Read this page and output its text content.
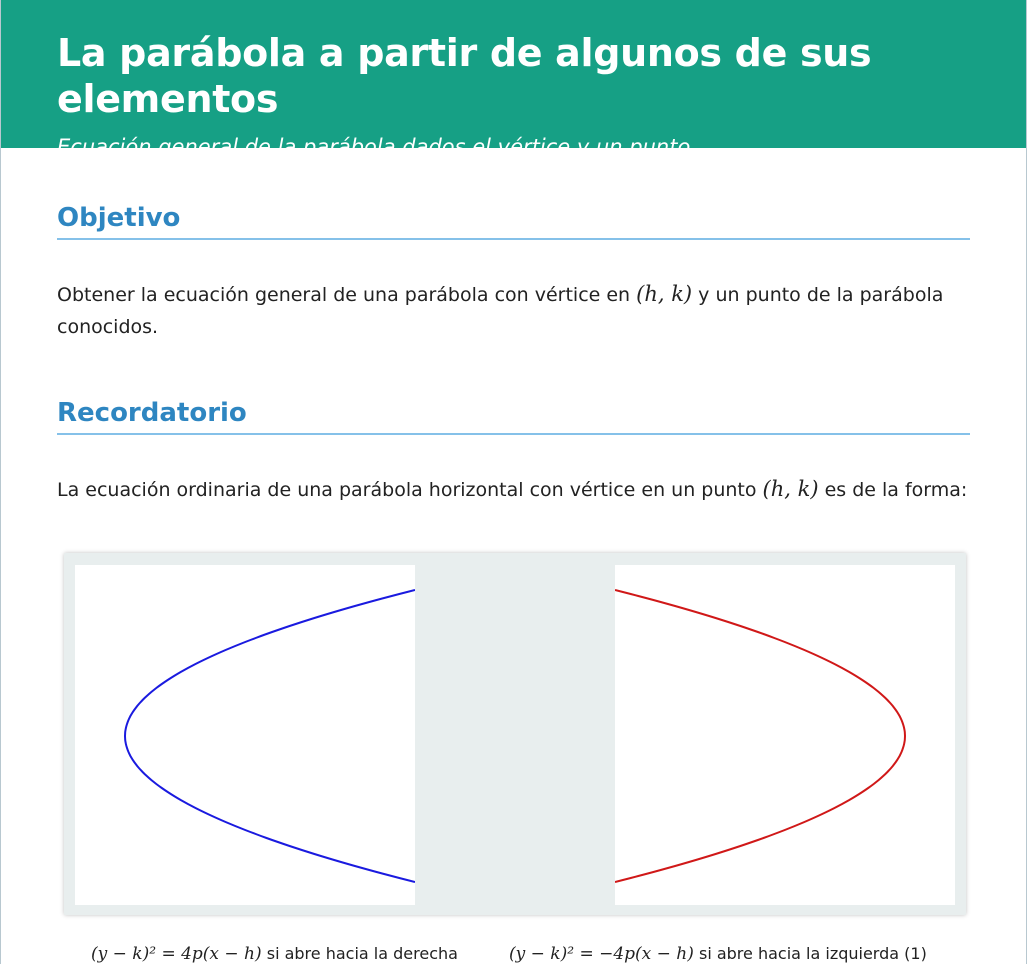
La parábola a partir de algunos de sus elementos

Ecuación general de la parábola dados el vértice y un punto

Objetivo

Obtener la ecuación general de una parábola con vértice en (h, k) y un punto de la parábola conocidos.

Recordatorio

La ecuación ordinaria de una parábola horizontal con vértice en un punto (h, k) es de la forma:

(y − k)² = 4p(x − h) si abre hacia la derecha	(y − k)² = −4p(x − h) si abre hacia la izquierda (1)
